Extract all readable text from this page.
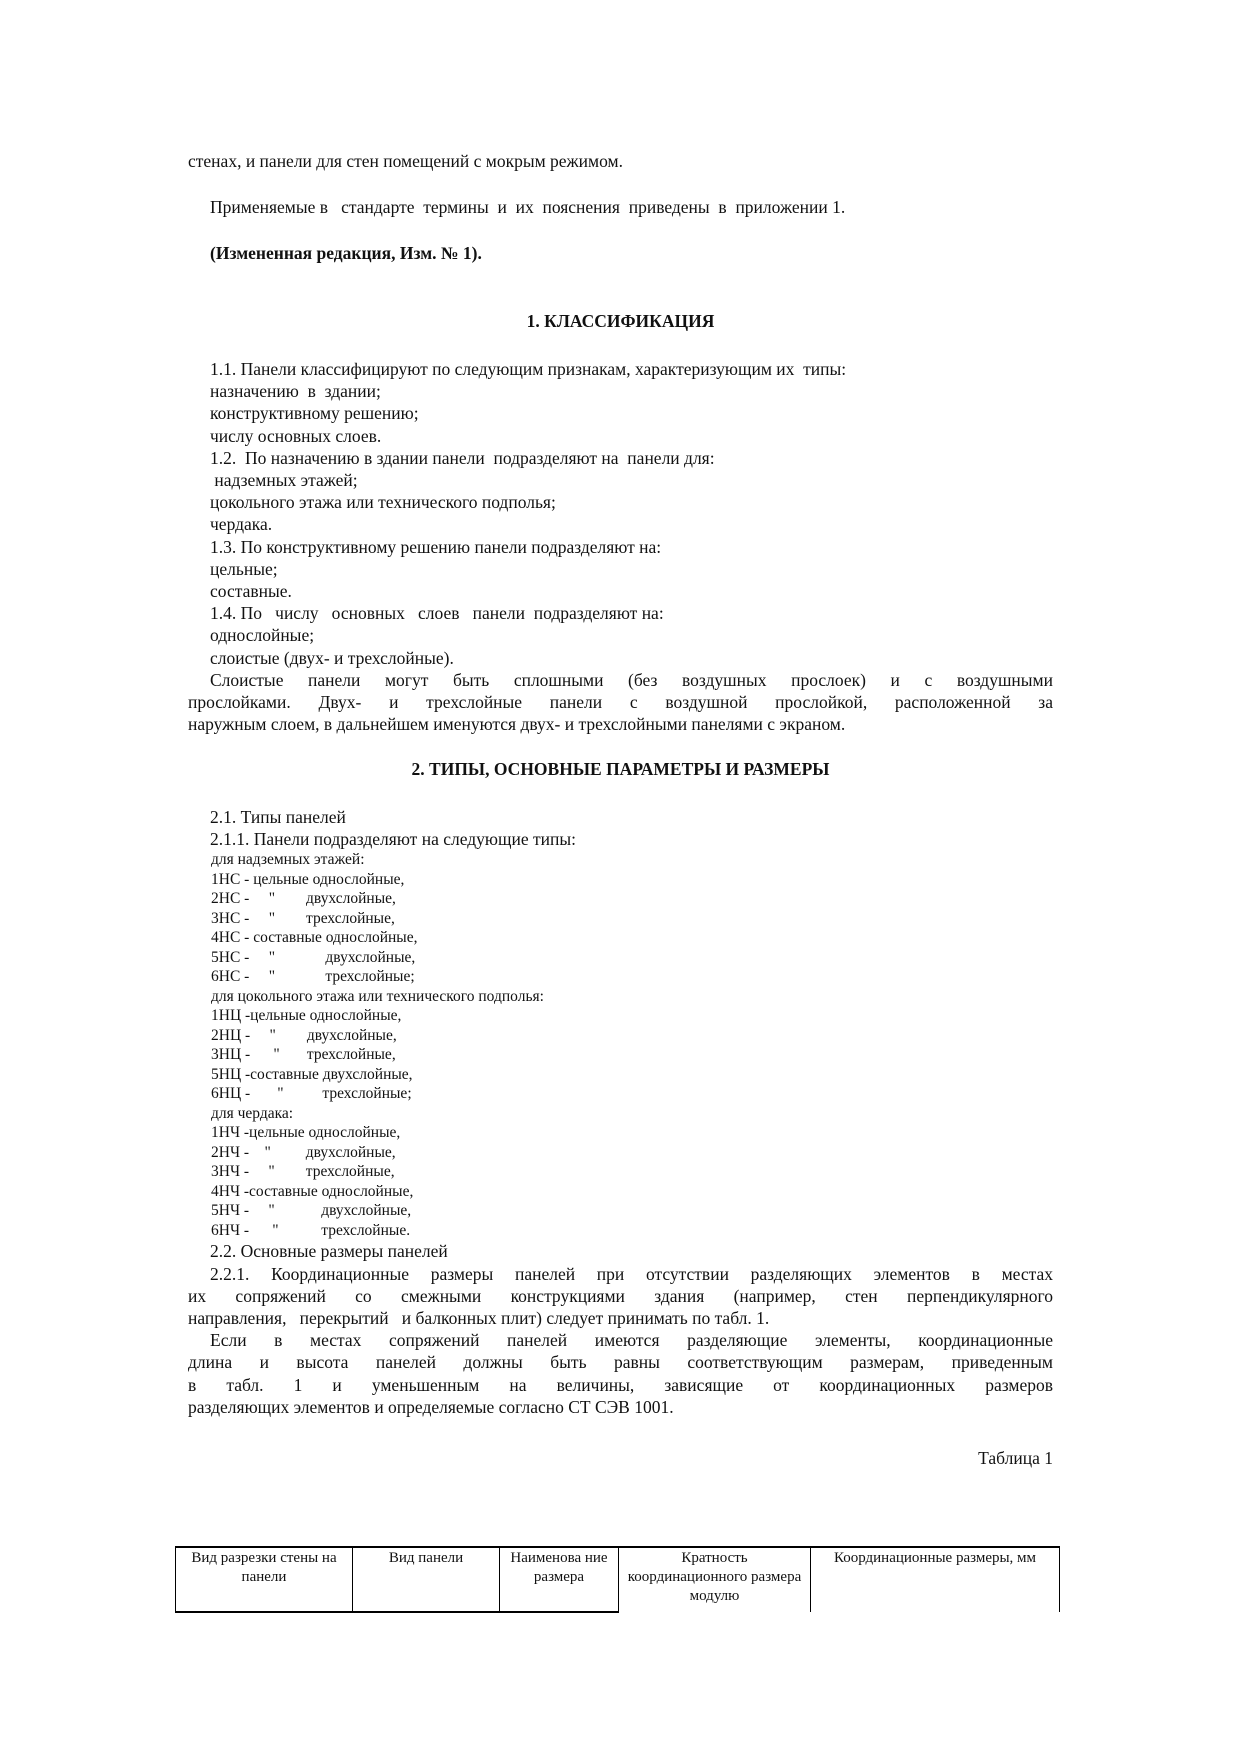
стенах, и панели для стен помещений с мокрым режимом.
Применяемые в   стандарте  термины  и  их  пояснения  приведены  в  приложении 1.
(Измененная редакция, Изм. № 1).
1. КЛАССИФИКАЦИЯ
1.1. Панели классифицируют по следующим признакам, характеризующим их  типы:
назначению  в  здании;
конструктивному решению;
числу основных слоев.
1.2.  По назначению в здании панели  подразделяют на  панели для:
надземных этажей;
цокольного этажа или технического подполья;
чердака.
1.3. По конструктивному решению панели подразделяют на:
цельные;
составные.
1.4. По   числу   основных   слоев   панели  подразделяют на:
однослойные;
слоистые (двух- и трехслойные).
Слоистые панели могут быть сплошными (без воздушных прослоек) и с воздушными
прослойками. Двух- и трехслойные панели с воздушной прослойкой, расположенной за
наружным слоем, в дальнейшем именуются двух- и трехслойными панелями с экраном.
2. ТИПЫ, ОСНОВНЫЕ ПАРАМЕТРЫ И РАЗМЕРЫ
2.1. Типы панелей
2.1.1. Панели подразделяют на следующие типы:
для надземных этажей:
1НС - цельные однослойные,
2НС -     "        двухслойные,
3НС -     "        трехслойные,
4НС - составные однослойные,
5НС -     "             двухслойные,
6НС -     "             трехслойные;
для цокольного этажа или технического подполья:
1НЦ -цельные однослойные,
2НЦ -     "        двухслойные,
3НЦ -      "       трехслойные,
5НЦ -составные двухслойные,
6НЦ -       "          трехслойные;
для чердака:
1НЧ -цельные однослойные,
2НЧ -    "         двухслойные,
3НЧ -     "        трехслойные,
4НЧ -составные однослойные,
5НЧ -     "            двухслойные,
6НЧ -      "           трехслойные.
2.2. Основные размеры панелей
2.2.1. Координационные размеры панелей при отсутствии разделяющих элементов в местах
их сопряжений со смежными конструкциями здания (например, стен перпендикулярного
направления,   перекрытий   и балконных плит) следует принимать по табл. 1.
Если в местах сопряжений панелей имеются разделяющие элементы, координационные
длина и высота панелей должны быть равны соответствующим размерам, приведенным
в табл. 1 и уменьшенным на величины, зависящие от координационных размеров
разделяющих элементов и определяемые согласно СТ СЭВ 1001.
Таблица 1
Вид разрезки стены на панели	Вид панели	Наименова ние размера	Кратность координационного размера модулю	Координационные размеры, мм
